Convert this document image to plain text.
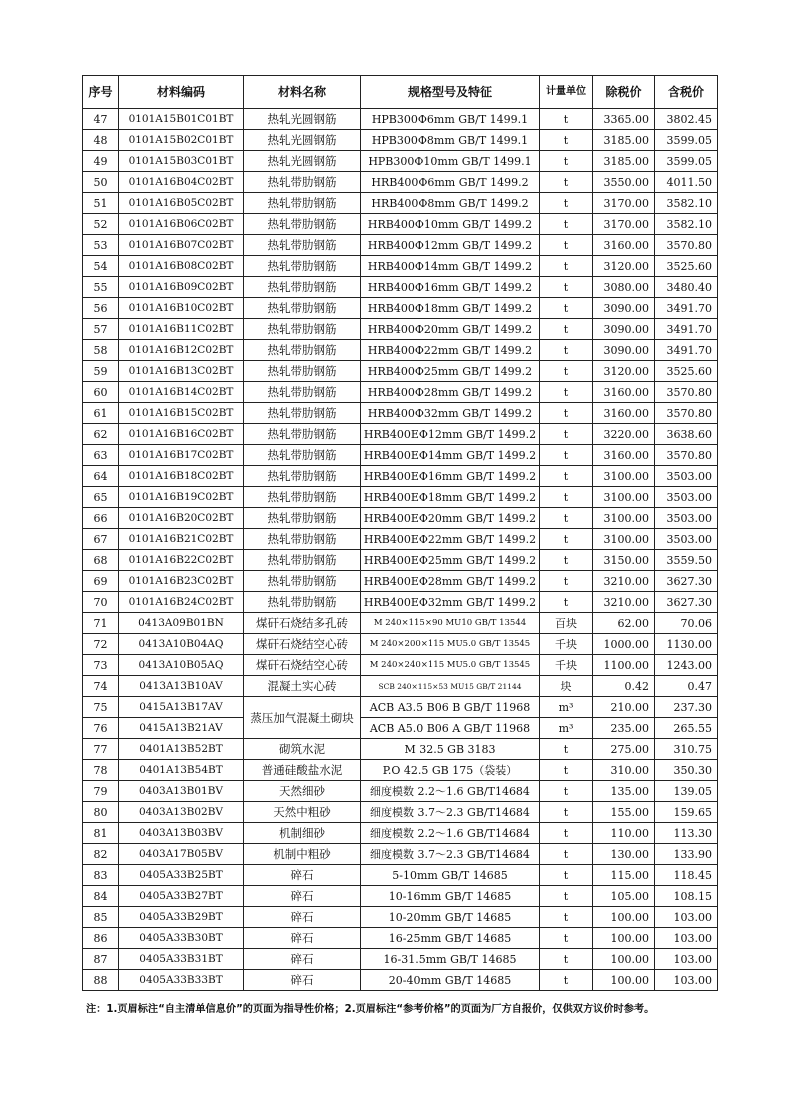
序号	材料编码	材料名称	规格型号及特征	计量单位	除税价	含税价
47	0101A15B01C01BT	热轧光圆钢筋	HPB300Φ6mm GB/T 1499.1	t	3365.00	3802.45
48	0101A15B02C01BT	热轧光圆钢筋	HPB300Φ8mm GB/T 1499.1	t	3185.00	3599.05
49	0101A15B03C01BT	热轧光圆钢筋	HPB300Φ10mm GB/T 1499.1	t	3185.00	3599.05
50	0101A16B04C02BT	热轧带肋钢筋	HRB400Φ6mm GB/T 1499.2	t	3550.00	4011.50
51	0101A16B05C02BT	热轧带肋钢筋	HRB400Φ8mm GB/T 1499.2	t	3170.00	3582.10
52	0101A16B06C02BT	热轧带肋钢筋	HRB400Φ10mm GB/T 1499.2	t	3170.00	3582.10
53	0101A16B07C02BT	热轧带肋钢筋	HRB400Φ12mm GB/T 1499.2	t	3160.00	3570.80
54	0101A16B08C02BT	热轧带肋钢筋	HRB400Φ14mm GB/T 1499.2	t	3120.00	3525.60
55	0101A16B09C02BT	热轧带肋钢筋	HRB400Φ16mm GB/T 1499.2	t	3080.00	3480.40
56	0101A16B10C02BT	热轧带肋钢筋	HRB400Φ18mm GB/T 1499.2	t	3090.00	3491.70
57	0101A16B11C02BT	热轧带肋钢筋	HRB400Φ20mm GB/T 1499.2	t	3090.00	3491.70
58	0101A16B12C02BT	热轧带肋钢筋	HRB400Φ22mm GB/T 1499.2	t	3090.00	3491.70
59	0101A16B13C02BT	热轧带肋钢筋	HRB400Φ25mm GB/T 1499.2	t	3120.00	3525.60
60	0101A16B14C02BT	热轧带肋钢筋	HRB400Φ28mm GB/T 1499.2	t	3160.00	3570.80
61	0101A16B15C02BT	热轧带肋钢筋	HRB400Φ32mm GB/T 1499.2	t	3160.00	3570.80
62	0101A16B16C02BT	热轧带肋钢筋	HRB400EΦ12mm GB/T 1499.2	t	3220.00	3638.60
63	0101A16B17C02BT	热轧带肋钢筋	HRB400EΦ14mm GB/T 1499.2	t	3160.00	3570.80
64	0101A16B18C02BT	热轧带肋钢筋	HRB400EΦ16mm GB/T 1499.2	t	3100.00	3503.00
65	0101A16B19C02BT	热轧带肋钢筋	HRB400EΦ18mm GB/T 1499.2	t	3100.00	3503.00
66	0101A16B20C02BT	热轧带肋钢筋	HRB400EΦ20mm GB/T 1499.2	t	3100.00	3503.00
67	0101A16B21C02BT	热轧带肋钢筋	HRB400EΦ22mm GB/T 1499.2	t	3100.00	3503.00
68	0101A16B22C02BT	热轧带肋钢筋	HRB400EΦ25mm GB/T 1499.2	t	3150.00	3559.50
69	0101A16B23C02BT	热轧带肋钢筋	HRB400EΦ28mm GB/T 1499.2	t	3210.00	3627.30
70	0101A16B24C02BT	热轧带肋钢筋	HRB400EΦ32mm GB/T 1499.2	t	3210.00	3627.30
71	0413A09B01BN	煤矸石烧结多孔砖	M 240×115×90 MU10 GB/T 13544	百块	62.00	70.06
72	0413A10B04AQ	煤矸石烧结空心砖	M 240×200×115 MU5.0 GB/T 13545	千块	1000.00	1130.00
73	0413A10B05AQ	煤矸石烧结空心砖	M 240×240×115 MU5.0 GB/T 13545	千块	1100.00	1243.00
74	0413A13B10AV	混凝土实心砖	SCB 240×115×53 MU15 GB/T 21144	块	0.42	0.47
75	0415A13B17AV	蒸压加气混凝土砌块	ACB A3.5 B06 B GB/T 11968	m³	210.00	237.30
76	0415A13B21AV		ACB A5.0 B06 A GB/T 11968	m³	235.00	265.55
77	0401A13B52BT	砌筑水泥	M 32.5 GB 3183	t	275.00	310.75
78	0401A13B54BT	普通硅酸盐水泥	P.O 42.5 GB 175（袋装）	t	310.00	350.30
79	0403A13B01BV	天然细砂	细度模数 2.2～1.6 GB/T14684	t	135.00	139.05
80	0403A13B02BV	天然中粗砂	细度模数 3.7～2.3 GB/T14684	t	155.00	159.65
81	0403A13B03BV	机制细砂	细度模数 2.2～1.6 GB/T14684	t	110.00	113.30
82	0403A17B05BV	机制中粗砂	细度模数 3.7～2.3 GB/T14684	t	130.00	133.90
83	0405A33B25BT	碎石	5-10mm GB/T 14685	t	115.00	118.45
84	0405A33B27BT	碎石	10-16mm GB/T 14685	t	105.00	108.15
85	0405A33B29BT	碎石	10-20mm GB/T 14685	t	100.00	103.00
86	0405A33B30BT	碎石	16-25mm GB/T 14685	t	100.00	103.00
87	0405A33B31BT	碎石	16-31.5mm GB/T 14685	t	100.00	103.00
88	0405A33B33BT	碎石	20-40mm GB/T 14685	t	100.00	103.00
注：1.页眉标注“自主清单信息价”的页面为指导性价格；2.页眉标注“参考价格”的页面为厂方自报价，仅供双方议价时参考。
